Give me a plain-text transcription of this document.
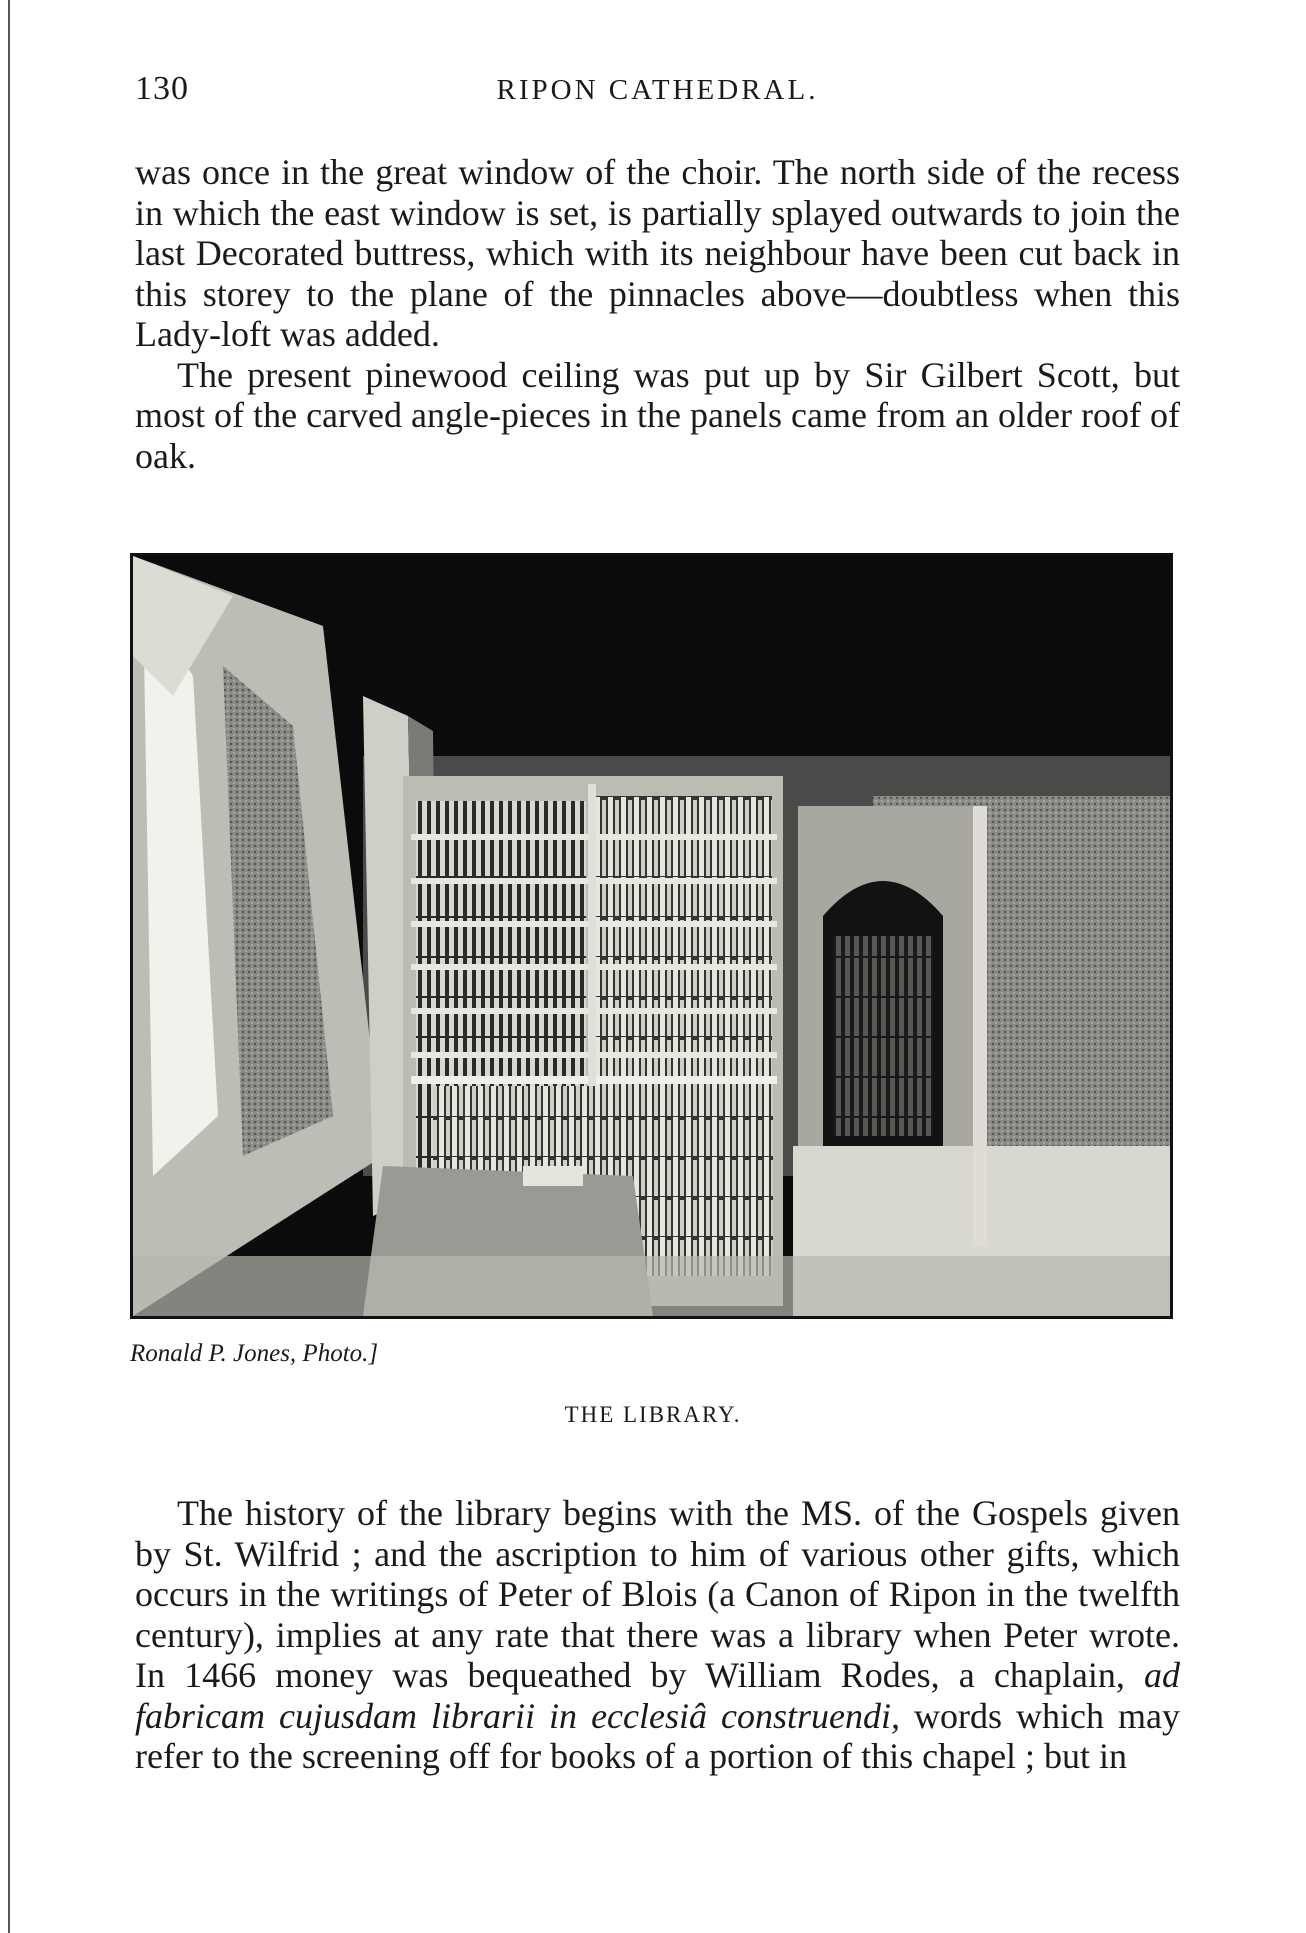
130	RIPON CATHEDRAL.

was once in the great window of the choir. The north side of the recess in which the east window is set, is partially splayed outwards to join the last Decorated buttress, which with its neighbour have been cut back in this storey to the plane of the pinnacles above—doubtless when this Lady-loft was added.

The present pinewood ceiling was put up by Sir Gilbert Scott, but most of the carved angle-pieces in the panels came from an older roof of oak.

Ronald P. Jones, Photo.]
THE LIBRARY.

The history of the library begins with the MS. of the Gospels given by St. Wilfrid ; and the ascription to him of various other gifts, which occurs in the writings of Peter of Blois (a Canon of Ripon in the twelfth century), implies at any rate that there was a library when Peter wrote. In 1466 money was bequeathed by William Rodes, a chaplain, ad fabricam cujusdam librarii in ecclesiâ construendi, words which may refer to the screening off for books of a portion of this chapel ; but in
